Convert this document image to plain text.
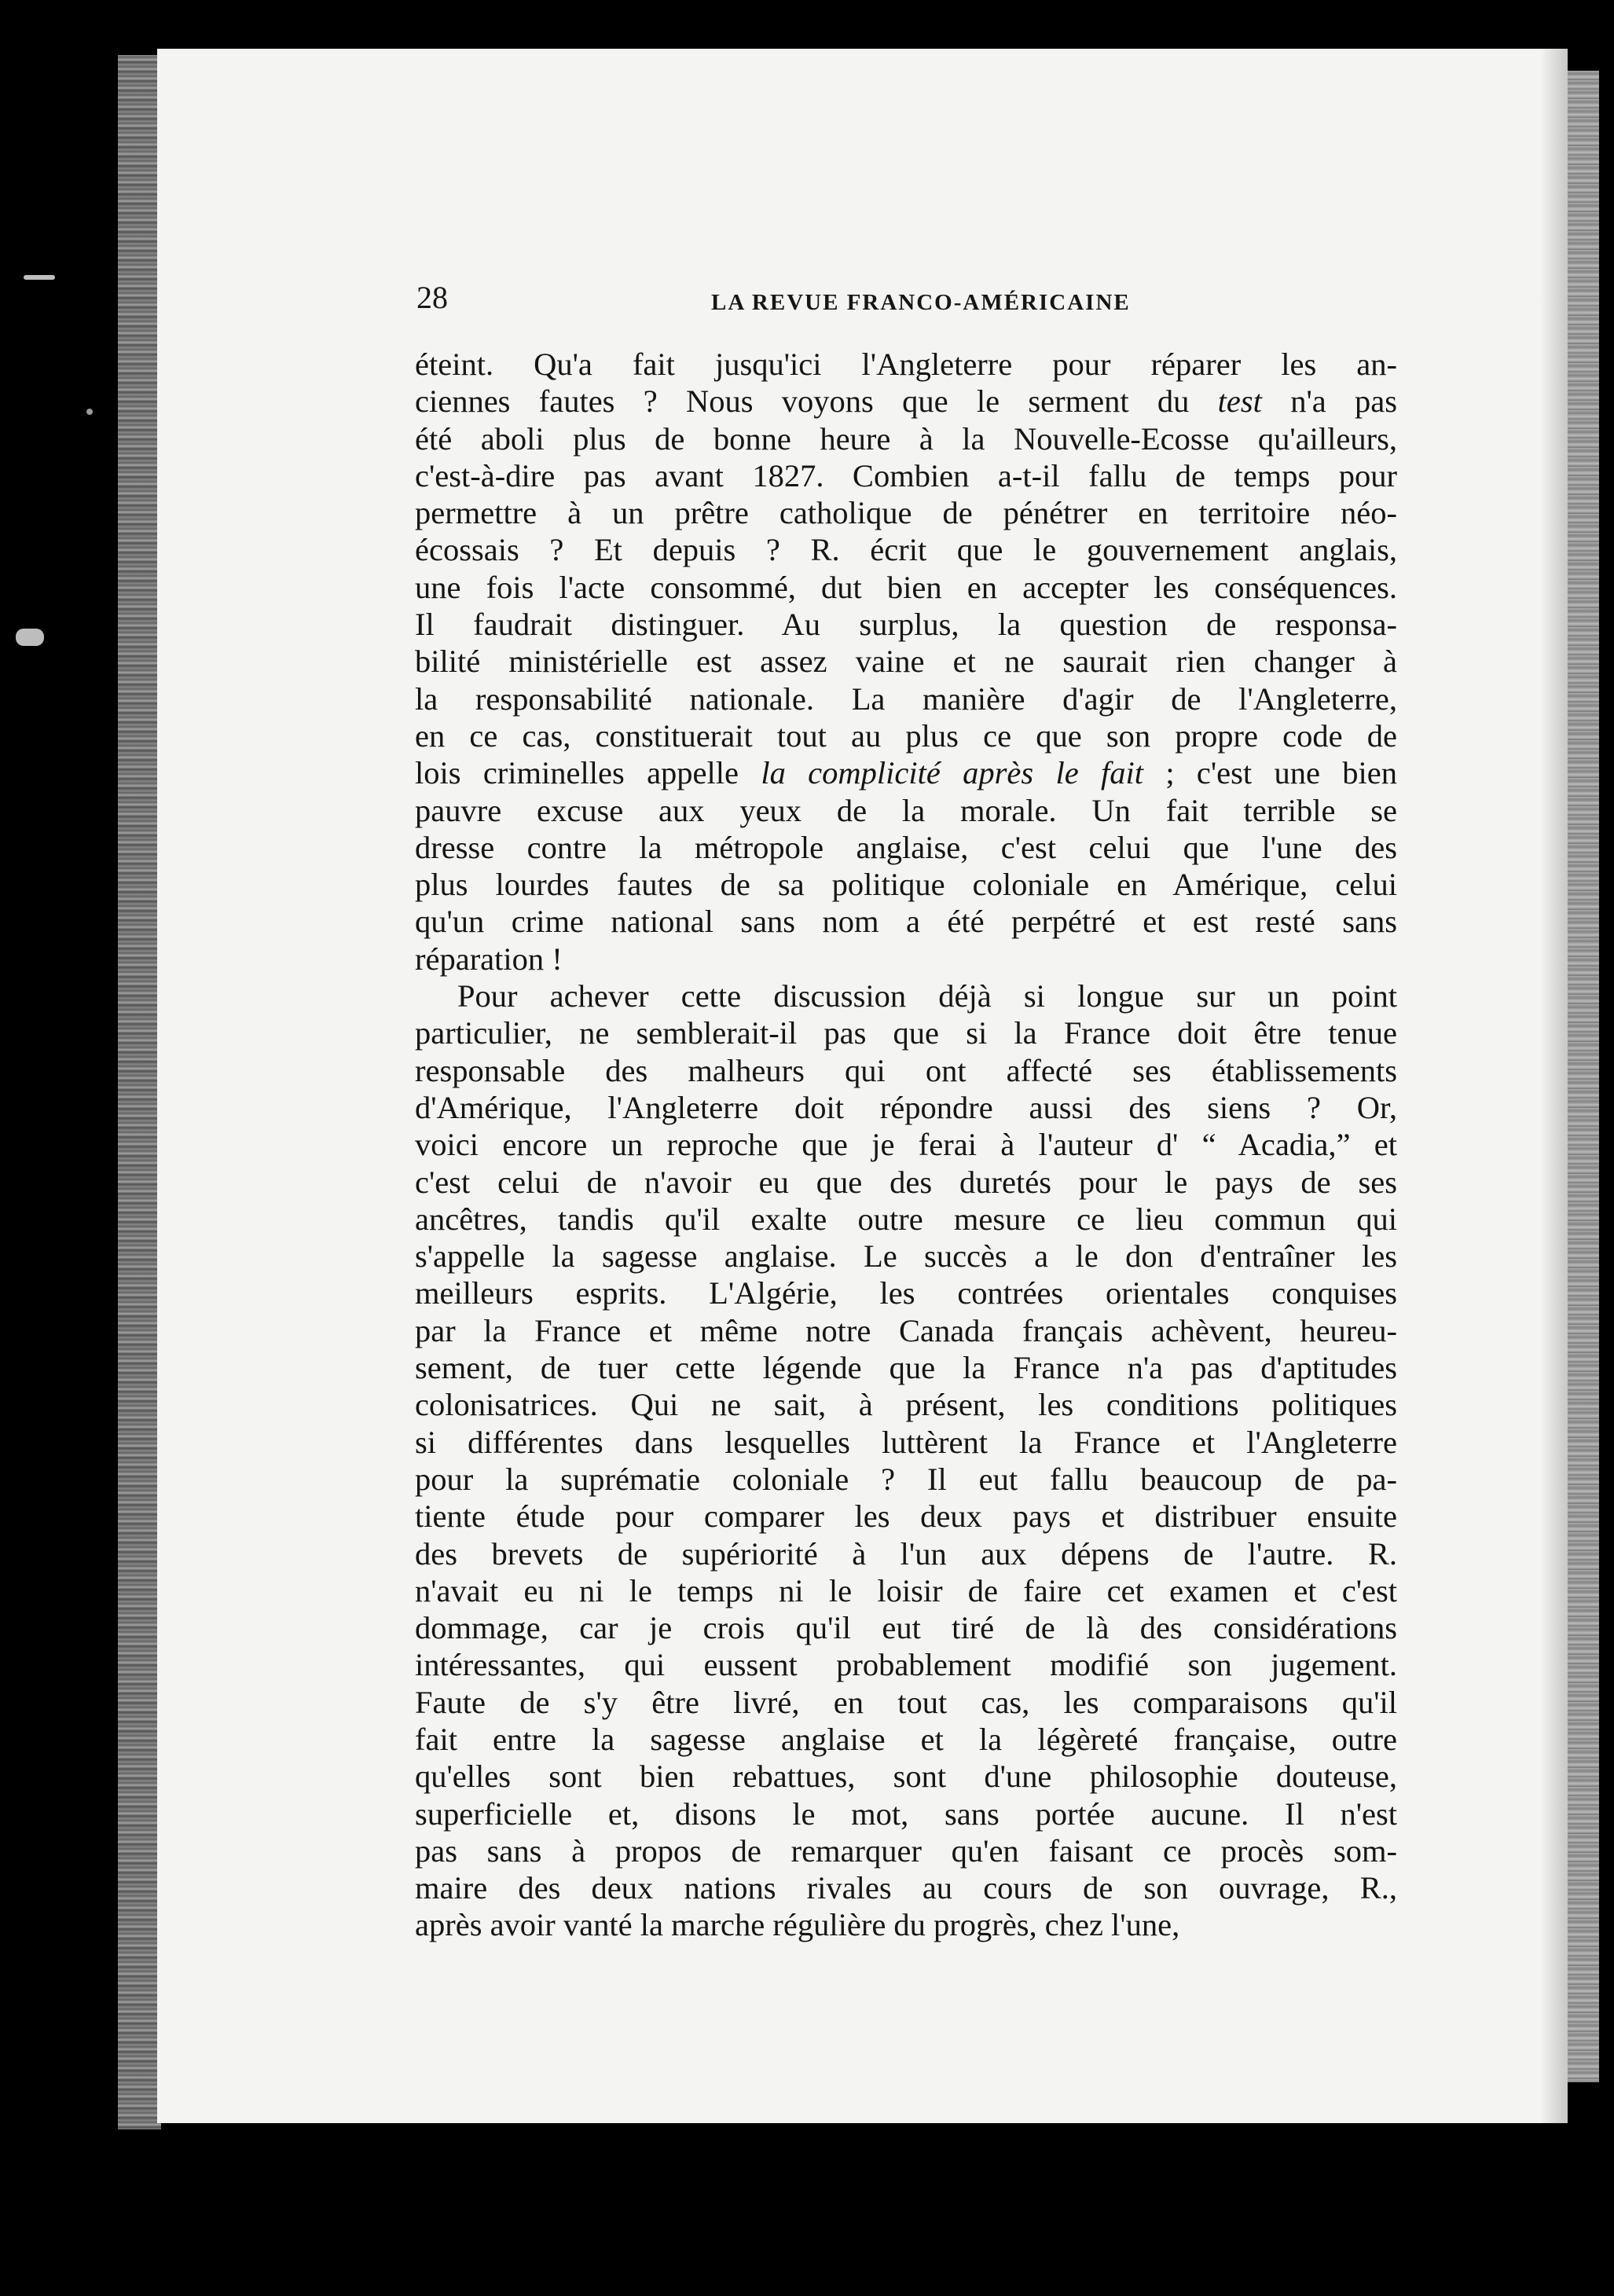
28	LA REVUE FRANCO-AMÉRICAINE
éteint. Qu'a fait jusqu'ici l'Angleterre pour réparer les an-
ciennes fautes ? Nous voyons que le serment du test n'a pas
été aboli plus de bonne heure à la Nouvelle-Ecosse qu'ailleurs,
c'est-à-dire pas avant 1827. Combien a-t-il fallu de temps pour
permettre à un prêtre catholique de pénétrer en territoire néo-
écossais ? Et depuis ? R. écrit que le gouvernement anglais,
une fois l'acte consommé, dut bien en accepter les conséquences.
Il faudrait distinguer. Au surplus, la question de responsa-
bilité ministérielle est assez vaine et ne saurait rien changer à
la responsabilité nationale. La manière d'agir de l'Angleterre,
en ce cas, constituerait tout au plus ce que son propre code de
lois criminelles appelle la complicité après le fait ; c'est une bien
pauvre excuse aux yeux de la morale. Un fait terrible se
dresse contre la métropole anglaise, c'est celui que l'une des
plus lourdes fautes de sa politique coloniale en Amérique, celui
qu'un crime national sans nom a été perpétré et est resté sans
réparation !
Pour achever cette discussion déjà si longue sur un point
particulier, ne semblerait-il pas que si la France doit être tenue
responsable des malheurs qui ont affecté ses établissements
d'Amérique, l'Angleterre doit répondre aussi des siens ? Or,
voici encore un reproche que je ferai à l'auteur d' “ Acadia,” et
c'est celui de n'avoir eu que des duretés pour le pays de ses
ancêtres, tandis qu'il exalte outre mesure ce lieu commun qui
s'appelle la sagesse anglaise. Le succès a le don d'entraîner les
meilleurs esprits. L'Algérie, les contrées orientales conquises
par la France et même notre Canada français achèvent, heureu-
sement, de tuer cette légende que la France n'a pas d'aptitudes
colonisatrices. Qui ne sait, à présent, les conditions politiques
si différentes dans lesquelles luttèrent la France et l'Angleterre
pour la suprématie coloniale ? Il eut fallu beaucoup de pa-
tiente étude pour comparer les deux pays et distribuer ensuite
des brevets de supériorité à l'un aux dépens de l'autre. R.
n'avait eu ni le temps ni le loisir de faire cet examen et c'est
dommage, car je crois qu'il eut tiré de là des considérations
intéressantes, qui eussent probablement modifié son jugement.
Faute de s'y être livré, en tout cas, les comparaisons qu'il
fait entre la sagesse anglaise et la légèreté française, outre
qu'elles sont bien rebattues, sont d'une philosophie douteuse,
superficielle et, disons le mot, sans portée aucune. Il n'est
pas sans à propos de remarquer qu'en faisant ce procès som-
maire des deux nations rivales au cours de son ouvrage, R.,
après avoir vanté la marche régulière du progrès, chez l'une,
